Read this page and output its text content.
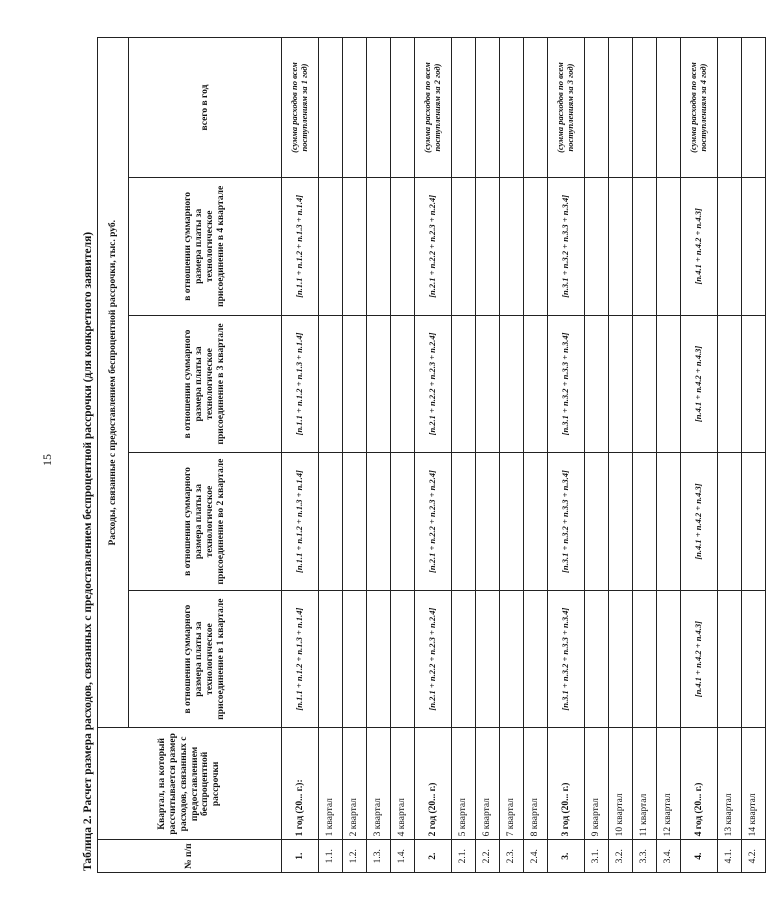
15 Таблица 2. Расчет размера расходов, связанных с предоставлением беспроцентной рассрочки (для конкретного заявителя)	№ п/п	Квартал, на который рассчитывается размер расходов, связанных с предоставлением беспроцентной рассрочки	Расходы, связанные с предоставлением беспроцентной рассрочки, тыс. руб.				
		в отношении суммарного размера платы за технологическое присоединение в 1 квартале	в отношении суммарного размера платы за технологическое присоединение во 2 квартале	в отношении суммарного размера платы за технологическое присоединение в 3 квартале	в отношении суммарного размера платы за технологическое присоединение в 4 квартале	всего в год
1.	1 год (20... г.):	[п.1.1 + п.1.2 + п.1.3 + п.1.4]	[п.1.1 + п.1.2 + п.1.3 + п.1.4]	[п.1.1 + п.1.2 + п.1.3 + п.1.4]	[п.1.1 + п.1.2 + п.1.3 + п.1.4]	(сумма расходов по всем поступлениям за 1 год)
1.1.	1 квартал					
1.2.	2 квартал					
1.3.	3 квартал					
1.4.	4 квартал					
2.	2 год (20... г.)	[п.2.1 + п.2.2 + п.2.3 + п.2.4]	[п.2.1 + п.2.2 + п.2.3 + п.2.4]	[п.2.1 + п.2.2 + п.2.3 + п.2.4]	[п.2.1 + п.2.2 + п.2.3 + п.2.4]	(сумма расходов по всем поступлениям за 2 год)
2.1.	5 квартал					
2.2.	6 квартал					
2.3.	7 квартал					
2.4.	8 квартал					
3.	3 год (20... г.)	[п.3.1 + п.3.2 + п.3.3 + п.3.4]	[п.3.1 + п.3.2 + п.3.3 + п.3.4]	[п.3.1 + п.3.2 + п.3.3 + п.3.4]	[п.3.1 + п.3.2 + п.3.3 + п.3.4]	(сумма расходов по всем поступлениям за 3 год)
3.1.	9 квартал					
3.2.	10 квартал					
3.3.	11 квартал					
3.4.	12 квартал					
4.	4 год (20... г.)	[п.4.1 + п.4.2 + п.4.3]	[п.4.1 + п.4.2 + п.4.3]	[п.4.1 + п.4.2 + п.4.3]	[п.4.1 + п.4.2 + п.4.3]	(сумма расходов по всем поступлениям за 4 год)
4.1.	13 квартал					
4.2.	14 квартал					
